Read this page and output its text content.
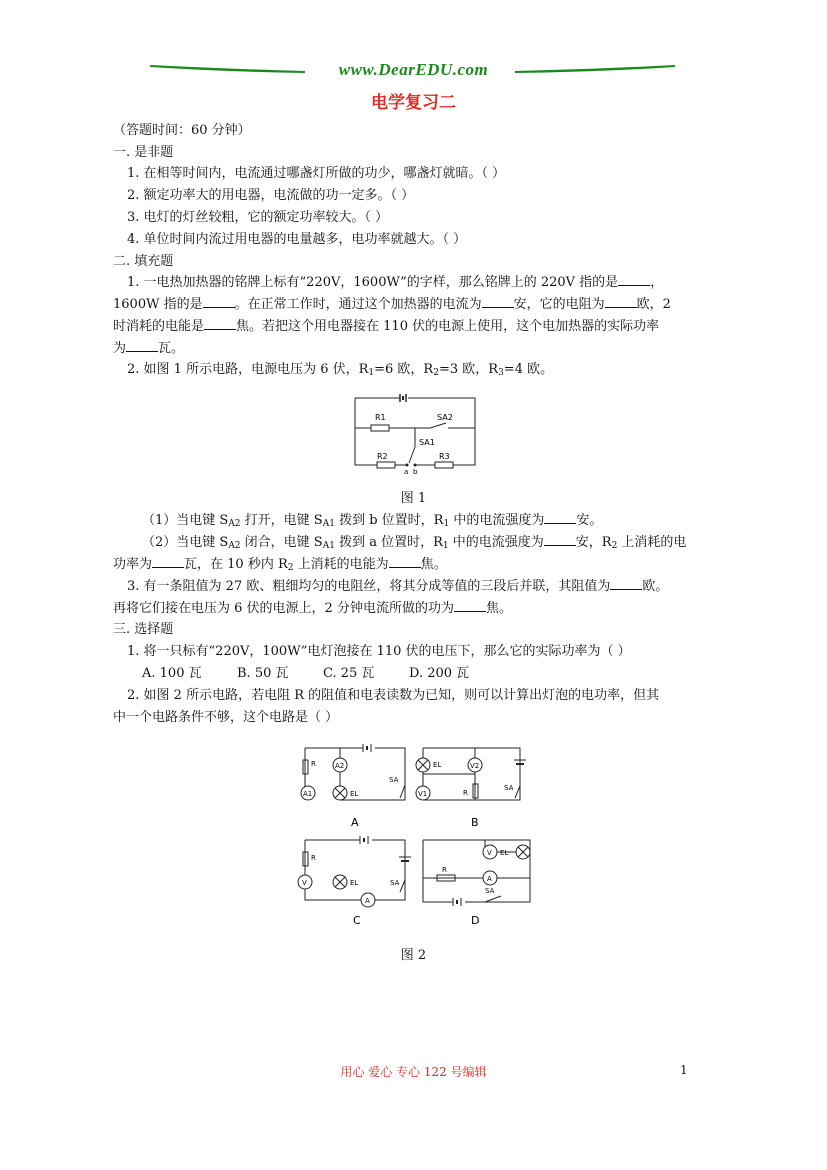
www.DearEDU.com
电学复习二
（答题时间：60 分钟）
一. 是非题
1. 在相等时间内，电流通过哪盏灯所做的功少，哪盏灯就暗。（ ）
2. 额定功率大的用电器，电流做的功一定多。（ ）
3. 电灯的灯丝较粗，它的额定功率较大。（ ）
4. 单位时间内流过用电器的电量越多，电功率就越大。（ ）
二. 填充题
1. 一电热加热器的铭牌上标有“220V，1600W”的字样，那么铭牌上的 220V 指的是 ，
1600W 指的是 。在正常工作时，通过这个加热器的电流为 安，它的电阻为 欧，2
时消耗的电能是 焦。若把这个用电器接在 110 伏的电源上使用，这个电加热器的实际功率
为 瓦。
2. 如图 1 所示电路，电源电压为 6 伏，$R_1=6$ 欧，$R_2=3$ 欧，$R_3=4$ 欧。
R1	SA2
SA1
R2	R3
a b
图 1
（1）当电键 $S_{A2}$ 打开，电键 $S_{A1}$ 拨到 b 位置时，$R_1$ 中的电流强度为 安。
（2）当电键 $S_{A2}$ 闭合，电键 $S_{A1}$ 拨到 a 位置时，$R_1$ 中的电流强度为 安，$R_2$ 上消耗的电
功率为 瓦，在 10 秒内 $R_2$ 上消耗的电能为 焦。
3. 有一条阻值为 27 欧、粗细均匀的电阻丝，将其分成等值的三段后并联，其阻值为 欧。
再将它们接在电压为 6 伏的电源上，2 分钟电流所做的功为 焦。
三. 选择题
1. 将一只标有“220V，100W”电灯泡接在 110 伏的电压下，那么它的实际功率为（ ）
A. 100 瓦	B. 50 瓦	C. 25 瓦	D. 200 瓦
2. 如图 2 所示电路，若电阻 R 的阻值和电表读数为已知，则可以计算出灯泡的电功率，但其
中一个电路条件不够，这个电路是（ ）
R	A2
A1	EL
SA
EL	V2
V1	R
SA
R
V	EL
A
SA
V EL
R
A
SA
A	B
C	D
图 2
用心 爱心 专心 122 号编辑	1
